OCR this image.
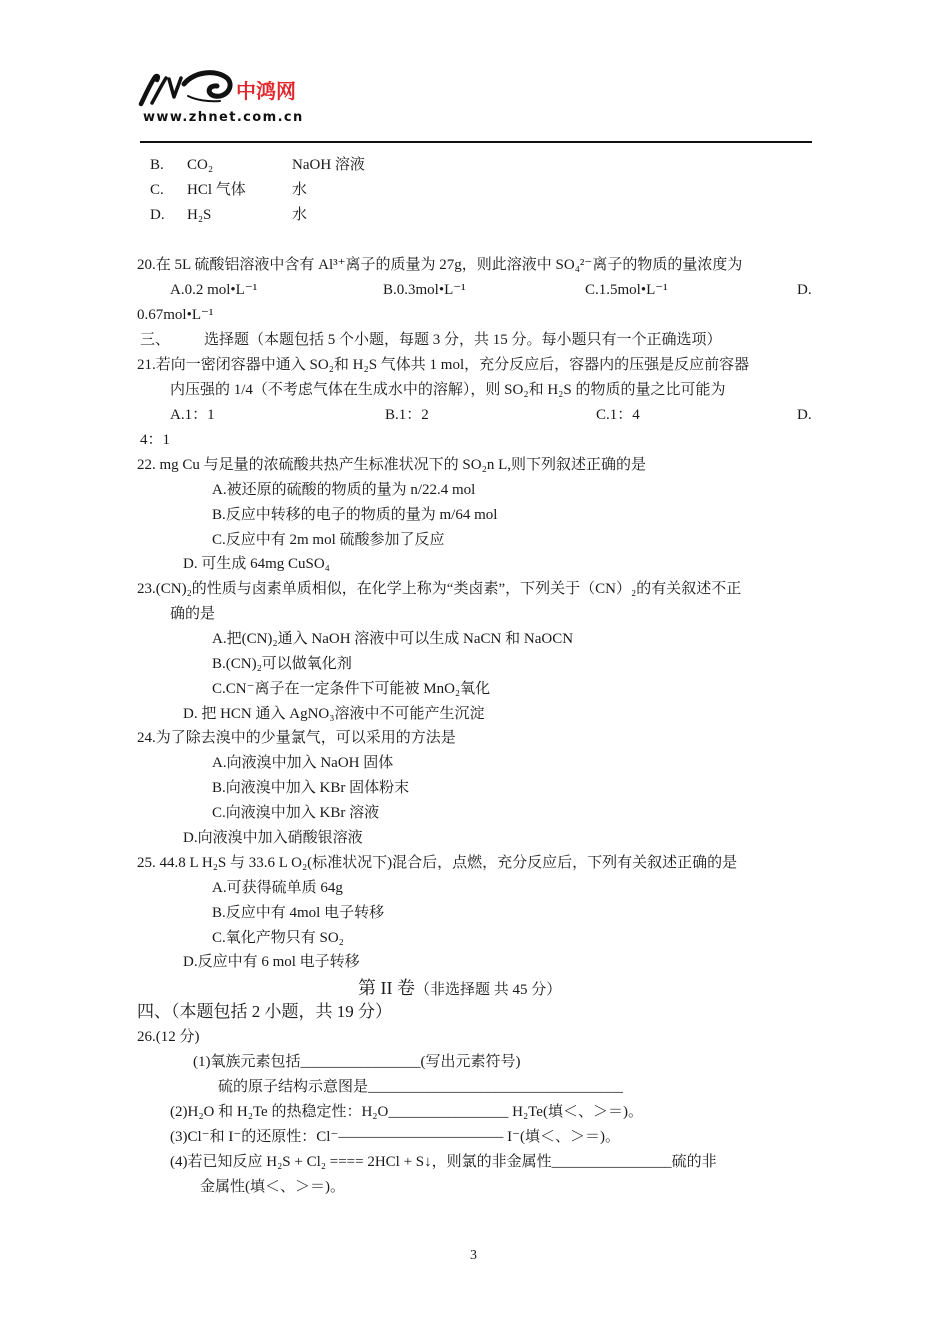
中鸿网
www.zhnet.com.cn
B. CO₂	NaOH 溶液
C. HCl 气体	水
D. H₂S	水
20.在 5L 硫酸铝溶液中含有 Al³⁺离子的质量为 27g，则此溶液中 SO₄²⁻离子的物质的量浓度为
A.0.2 mol•L⁻¹	B.0.3mol•L⁻¹	C.1.5mol•L⁻¹	D.
0.67mol•L⁻¹
三、 选择题（本题包括 5 个小题，每题 3 分，共 15 分。每小题只有一个正确选项）
21.若向一密闭容器中通入 SO₂和 H₂S 气体共 1 mol，充分反应后，容器内的压强是反应前容器
内压强的 1/4（不考虑气体在生成水中的溶解），则 SO₂和 H₂S 的物质的量之比可能为
A.1：1	B.1：2	C.1：4	D.
4：1
22. mg Cu 与足量的浓硫酸共热产生标准状况下的 SO₂n L,则下列叙述正确的是
A.被还原的硫酸的物质的量为 n/22.4 mol
B.反应中转移的电子的物质的量为 m/64 mol
C.反应中有 2m mol 硫酸参加了反应
D. 可生成 64mg CuSO₄
23.(CN)₂的性质与卤素单质相似，在化学上称为“类卤素”，下列关于（CN）₂的有关叙述不正
确的是
A.把(CN)₂通入 NaOH 溶液中可以生成 NaCN 和 NaOCN
B.(CN)₂可以做氧化剂
C.CN⁻离子在一定条件下可能被 MnO₂氧化
D. 把 HCN 通入 AgNO₃溶液中不可能产生沉淀
24.为了除去溴中的少量氯气，可以采用的方法是
A.向液溴中加入 NaOH 固体
B.向液溴中加入 KBr 固体粉末
C.向液溴中加入 KBr 溶液
D.向液溴中加入硝酸银溶液
25. 44.8 L H₂S 与 33.6 L O₂(标准状况下)混合后，点燃，充分反应后，下列有关叙述正确的是
A.可获得硫单质 64g
B.反应中有 4mol 电子转移
C.氧化产物只有 SO₂
D.反应中有 6 mol 电子转移
第 II 卷（非选择题 共 45 分）
四、（本题包括 2 小题，共 19 分）
26.(12 分)
(1)氧族元素包括________________(写出元素符号)
硫的原子结构示意图是__________________________________
(2)H₂O 和 H₂Te 的热稳定性：H₂O________________ H₂Te(填＜、＞＝)。
(3)Cl⁻和 I⁻的还原性：Cl⁻——————————— I⁻(填＜、＞＝)。
(4)若已知反应 H₂S + Cl₂ ==== 2HCl + S↓，则氯的非金属性________________硫的非
金属性(填＜、＞＝)。
3
